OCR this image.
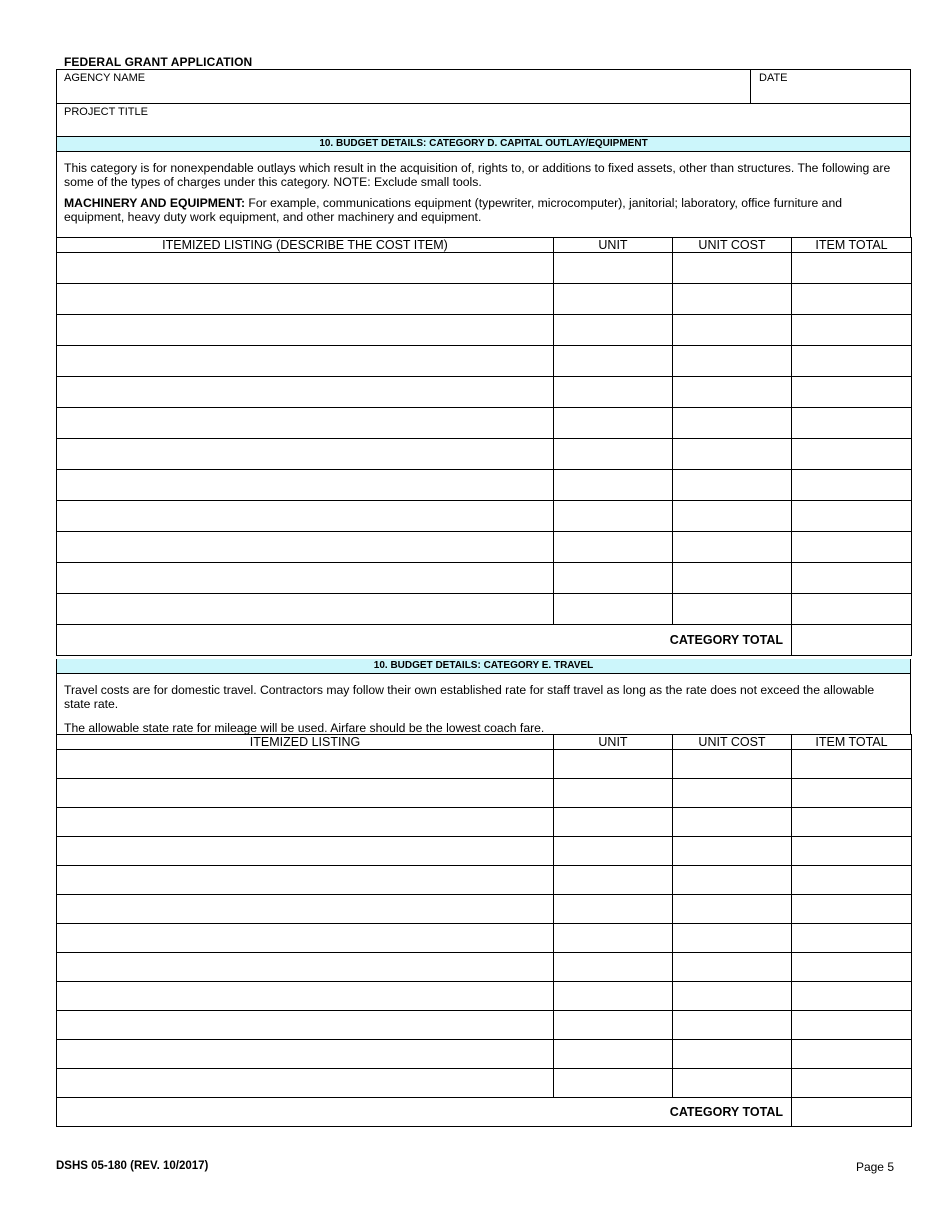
FEDERAL GRANT APPLICATION
AGENCY NAME	DATE
PROJECT TITLE
10. BUDGET DETAILS: CATEGORY D. CAPITAL OUTLAY/EQUIPMENT

This category is for nonexpendable outlays which result in the acquisition of, rights to, or additions to fixed assets, other than structures. The following are some of the types of charges under this category. NOTE: Exclude small tools.

MACHINERY AND EQUIPMENT: For example, communications equipment (typewriter, microcomputer), janitorial; laboratory, office furniture and equipment, heavy duty work equipment, and other machinery and equipment.

ITEMIZED LISTING (DESCRIBE THE COST ITEM)	UNIT	UNIT COST	ITEM TOTAL

CATEGORY TOTAL			
10. BUDGET DETAILS: CATEGORY E. TRAVEL

Travel costs are for domestic travel. Contractors may follow their own established rate for staff travel as long as the rate does not exceed the allowable state rate.

The allowable state rate for mileage will be used. Airfare should be the lowest coach fare.

ITEMIZED LISTING	UNIT	UNIT COST	ITEM TOTAL

CATEGORY TOTAL			
DSHS 05-180 (REV. 10/2017)	Page 5
